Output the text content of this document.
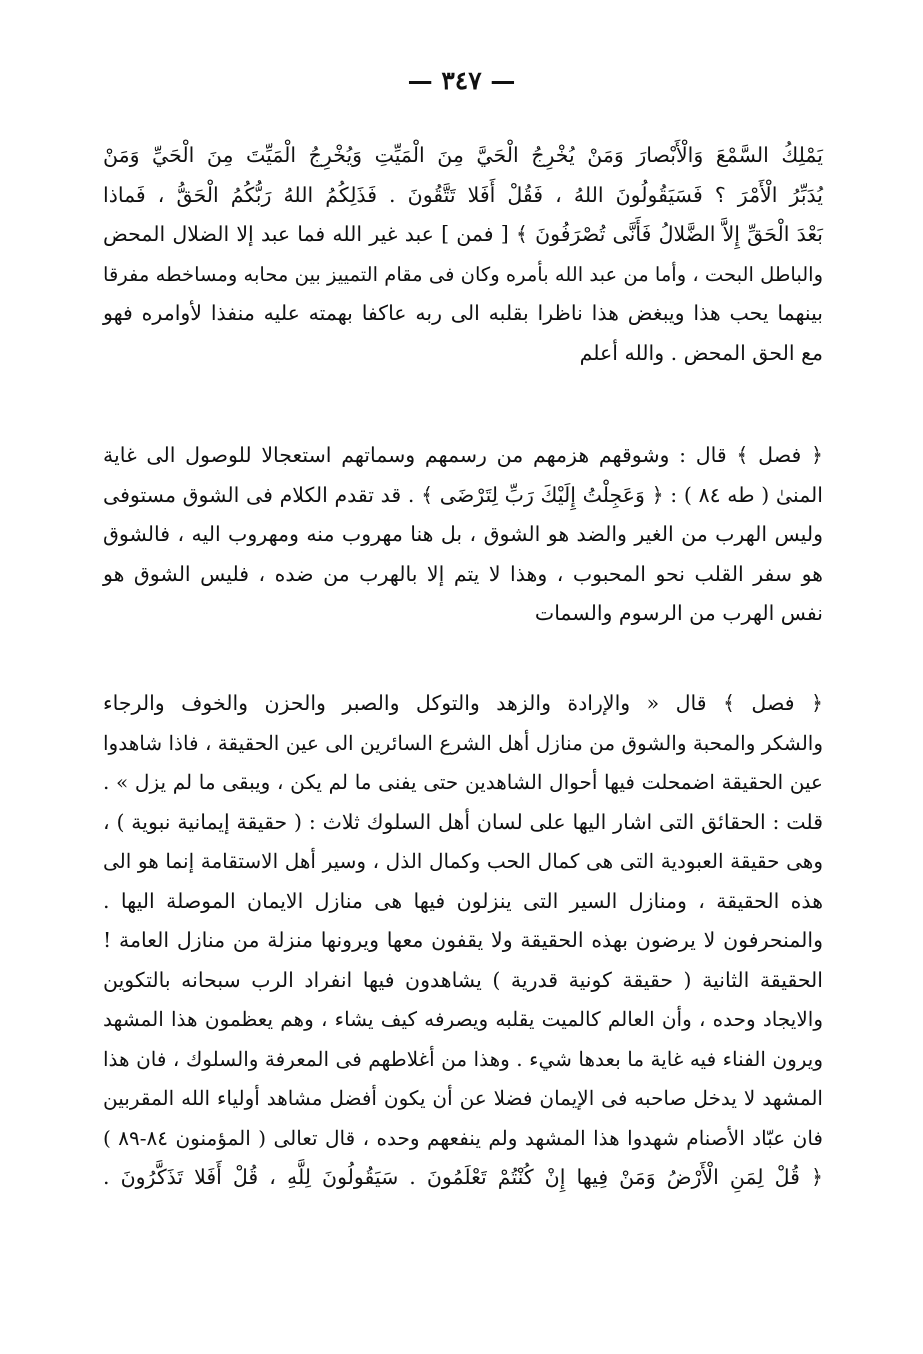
— ٣٤٧ —
يَمْلِكُ السَّمْعَ وَالْأَبْصارَ وَمَنْ يُخْرِجُ الْحَيَّ مِنَ الْمَيِّتِ وَيُخْرِجُ الْمَيِّتَ مِنَ الْحَيِّ وَمَنْ
يُدَبِّرُ الْأَمْرَ ؟ فَسَيَقُولُونَ اللهُ ، فَقُلْ أَفَلا تَتَّقُونَ . فَذَلِكُمُ اللهُ رَبُّكُمُ الْحَقُّ ، فَماذا
بَعْدَ الْحَقِّ إِلاَّ الضَّلالُ فَأَنَّى تُصْرَفُونَ ﴾ [ فمن ] عبد غير الله فما عبد إلا الضلال المحض
والباطل البحت ، وأما من عبد الله بأمره وكان فى مقام التمييز بين محابه ومساخطه مفرقا
بينهما يحب هذا ويبغض هذا ناظرا بقلبه الى ربه عاكفا بهمته عليه منفذا لأوامره فهو
مع الحق المحض . والله أعلم
﴿ فصل ﴾ قال : وشوقهم هزمهم من رسمهم وسماتهم استعجالا للوصول الى غاية
المنىٰ ( طه ٨٤ ) : ﴿ وَعَجِلْتُ إِلَيْكَ رَبِّ لِتَرْضَى ﴾ . قد تقدم الكلام فى الشوق مستوفى
وليس الهرب من الغير والضد هو الشوق ، بل هنا مهروب منه ومهروب اليه ، فالشوق
هو سفر القلب نحو المحبوب ، وهذا لا يتم إلا بالهرب من ضده ، فليس الشوق هو
نفس الهرب من الرسوم والسمات
﴿ فصل ﴾ قال « والإرادة والزهد والتوكل والصبر والحزن والخوف والرجاء
والشكر والمحبة والشوق من منازل أهل الشرع السائرين الى عين الحقيقة ، فاذا شاهدوا
عين الحقيقة اضمحلت فيها أحوال الشاهدين حتى يفنى ما لم يكن ، ويبقى ما لم يزل » .
قلت : الحقائق التى اشار اليها على لسان أهل السلوك ثلاث : ( حقيقة إيمانية نبوية ) ،
وهى حقيقة العبودية التى هى كمال الحب وكمال الذل ، وسير أهل الاستقامة إنما هو الى
هذه الحقيقة ، ومنازل السير التى ينزلون فيها هى منازل الايمان الموصلة اليها .
والمنحرفون لا يرضون بهذه الحقيقة ولا يقفون معها ويرونها منزلة من منازل العامة !
الحقيقة الثانية ( حقيقة كونية قدرية ) يشاهدون فيها انفراد الرب سبحانه بالتكوين
والايجاد وحده ، وأن العالم كالميت يقلبه ويصرفه كيف يشاء ، وهم يعظمون هذا المشهد
ويرون الفناء فيه غاية ما بعدها شيء . وهذا من أغلاطهم فى المعرفة والسلوك ، فان هذا
المشهد لا يدخل صاحبه فى الإيمان فضلا عن أن يكون أفضل مشاهد أولياء الله المقربين
فان عبّاد الأصنام شهدوا هذا المشهد ولم ينفعهم وحده ، قال تعالى ( المؤمنون ٨٤-٨٩ )
﴿ قُلْ لِمَنِ الْأَرْضُ وَمَنْ فِيها إِنْ كُنْتُمْ تَعْلَمُونَ . سَيَقُولُونَ لِلَّهِ ، قُلْ أَفَلا تَذَكَّرُونَ .
